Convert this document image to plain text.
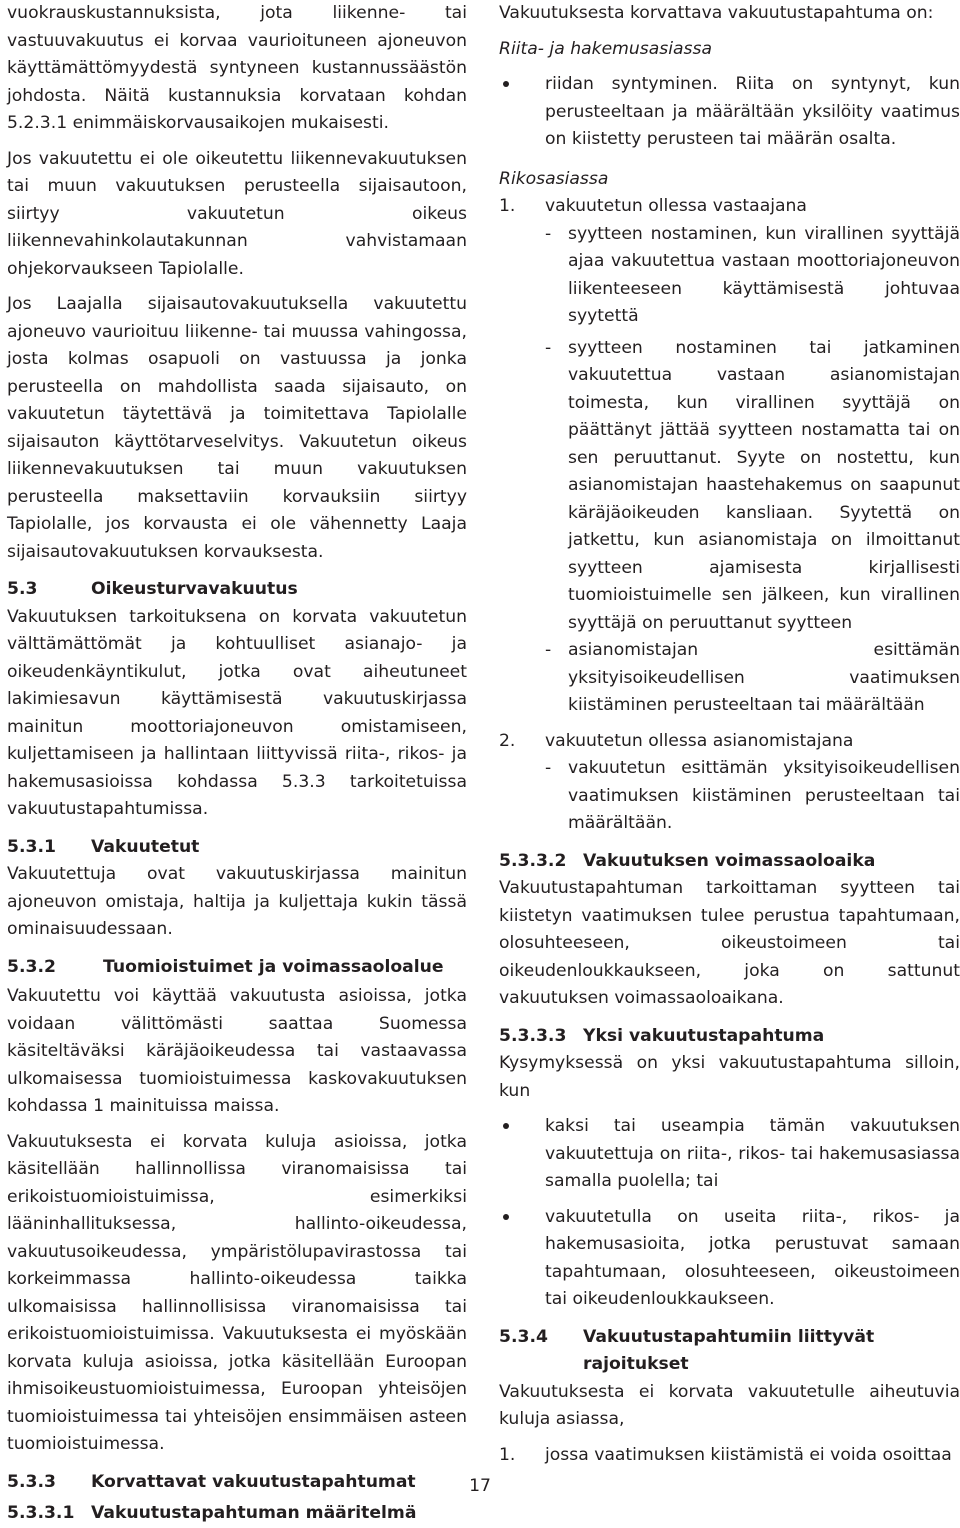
vuokrauskustannuksista, jota liikenne- tai vastuuvakuutus ei korvaa vaurioituneen ajoneuvon käyttämättömyydestä syntyneen kustannussäästön johdosta. Näitä kustannuksia korvataan kohdan 5.2.3.1 enimmäiskorvausaikojen mukaisesti.

Jos vakuutettu ei ole oikeutettu liikennevakuutuksen tai muun vakuutuksen perusteella sijaisautoon, siirtyy vakuutetun oikeus liikennevahinkolautakunnan vahvistamaan ohjekorvaukseen Tapiolalle.

Jos Laajalla sijaisautovakuutuksella vakuutettu ajoneuvo vaurioituu liikenne- tai muussa vahingossa, josta kolmas osapuoli on vastuussa ja jonka perusteella on mahdollista saada sijaisauto, on vakuutetun täytettävä ja toimitettava Tapiolalle sijaisauton käyttötarveselvitys. Vakuutetun oikeus liikennevakuutuksen tai muun vakuutuksen perusteella maksettaviin korvauksiin siirtyy Tapiolalle, jos korvausta ei ole vähennetty Laaja sijaisautovakuutuksen korvauksesta.

5.3	Oikeusturvavakuutus

Vakuutuksen tarkoituksena on korvata vakuutetun välttämättömät ja kohtuulliset asianajo- ja oikeudenkäyntikulut, jotka ovat aiheutuneet lakimiesavun käyttämisestä vakuutuskirjassa mainitun moottoriajoneuvon omistamiseen, kuljettamiseen ja hallintaan liittyvissä riita-, rikos- ja hakemusasioissa kohdassa 5.3.3 tarkoitetuissa vakuutustapahtumissa.

5.3.1	Vakuutetut

Vakuutettuja ovat vakuutuskirjassa mainitun ajoneuvon omistaja, haltija ja kuljettaja kukin tässä ominaisuudessaan.

5.3.2	Tuomioistuimet ja voimassaoloalue

Vakuutettu voi käyttää vakuutusta asioissa, jotka voidaan välittömästi saattaa Suomessa käsiteltäväksi käräjäoikeudessa tai vastaavassa ulkomaisessa tuomioistuimessa kaskovakuutuksen kohdassa 1 mainituissa maissa.

Vakuutuksesta ei korvata kuluja asioissa, jotka käsitellään hallinnollissa viranomaisissa tai erikoistuomioistuimissa, esimerkiksi lääninhallituksessa, hallinto-oikeudessa, vakuutusoikeudessa, ympäristölupavirastossa tai korkeimmassa hallinto-oikeudessa taikka ulkomaisissa hallinnollisissa viranomaisissa tai erikoistuomioistuimissa. Vakuutuksesta ei myöskään korvata kuluja asioissa, jotka käsitellään Euroopan ihmisoikeustuomioistuimessa, Euroopan yhteisöjen tuomioistuimessa tai yhteisöjen ensimmäisen asteen tuomioistuimessa.

5.3.3	Korvattavat vakuutustapahtumat
5.3.3.1 Vakuutustapahtuman määritelmä

Vakuutuksesta korvattava vakuutustapahtuma on:

Riita- ja hakemusasiassa

riidan syntyminen. Riita on syntynyt, kun perusteeltaan ja määrältään yksilöity vaatimus on kiistetty perusteen tai määrän osalta.

Rikosasiassa

1.	vakuutetun ollessa vastaajana
- syytteen nostaminen, kun virallinen syyttäjä ajaa vakuutettua vastaan moottoriajoneuvon liikenteeseen käyttämisestä johtuvaa syytettä
- syytteen nostaminen tai jatkaminen vakuutettua vastaan asianomistajan toimesta, kun virallinen syyttäjä on päättänyt jättää syytteen nostamatta tai on sen peruuttanut. Syyte on nostettu, kun asianomistajan haastehakemus on saapunut käräjäoikeuden kansliaan. Syytettä on jatkettu, kun asianomistaja on ilmoittanut syytteen ajamisesta kirjallisesti tuomioistuimelle sen jälkeen, kun virallinen syyttäjä on peruuttanut syytteen
- asianomistajan esittämän yksityisoikeudellisen vaatimuksen kiistäminen perusteeltaan tai määrältään
2.	vakuutetun ollessa asianomistajana
- vakuutetun esittämän yksityisoikeudellisen vaatimuksen kiistäminen perusteeltaan tai määrältään.
5.3.3.2 Vakuutuksen voimassaoloaika

Vakuutustapahtuman tarkoittaman syytteen tai kiistetyn vaatimuksen tulee perustua tapahtumaan, olosuhteeseen, oikeustoimeen tai oikeudenloukkaukseen, joka on sattunut vakuutuksen voimassaoloaikana.

5.3.3.3 Yksi vakuutustapahtuma

Kysymyksessä on yksi vakuutustapahtuma silloin, kun

kaksi tai useampia tämän vakuutuksen vakuutettuja on riita-, rikos- tai hakemusasiassa samalla puolella; tai
vakuutetulla on useita riita-, rikos- ja hakemusasioita, jotka perustuvat samaan tapahtumaan, olosuhteeseen, oikeustoimeen tai oikeudenloukkaukseen.
5.3.4	Vakuutustapahtumiin liittyvät rajoitukset

Vakuutuksesta ei korvata vakuutetulle aiheutuvia kuluja asiassa,

1.	jossa vaatimuksen kiistämistä ei voida osoittaa
17
